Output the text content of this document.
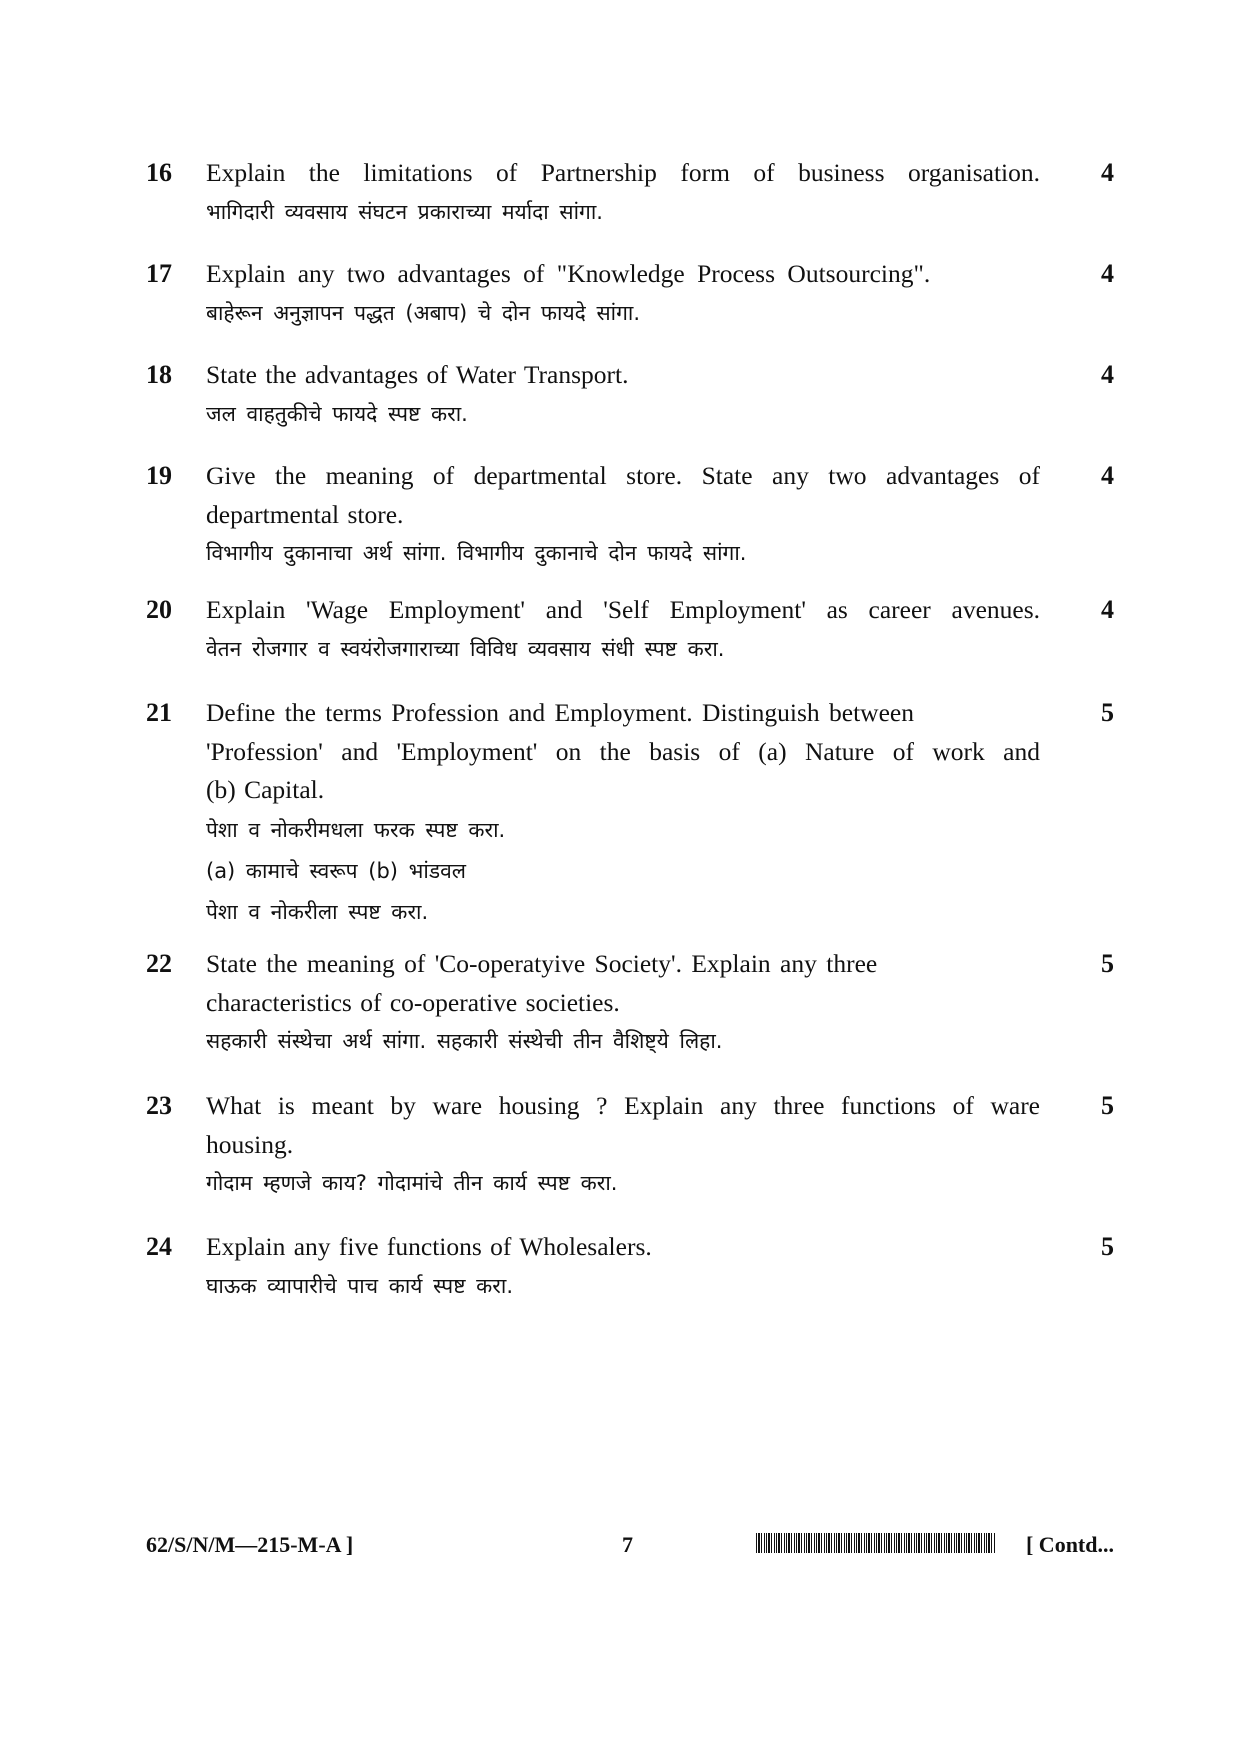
16 Explain the limitations of Partnership form of business organisation.
भागिदारी व्यवसाय संघटन प्रकाराच्या मर्यादा सांगा.
4
17 Explain any two advantages of "Knowledge Process Outsourcing".
बाहेरून अनुज्ञापन पद्धत (अबाप) चे दोन फायदे सांगा.
4
18 State the advantages of Water Transport.
जल वाहतुकीचे फायदे स्पष्ट करा.
4
19 Give the meaning of departmental store. State any two advantages of
departmental store.
विभागीय दुकानाचा अर्थ सांगा. विभागीय दुकानाचे दोन फायदे सांगा.
4
20 Explain 'Wage Employment' and 'Self Employment' as career avenues.
वेतन रोजगार व स्वयंरोजगाराच्या विविध व्यवसाय संधी स्पष्ट करा.
4
21 Define the terms Profession and Employment. Distinguish between
'Profession' and 'Employment' on the basis of (a) Nature of work and
(b) Capital.
पेशा व नोकरीमधला फरक स्पष्ट करा.
(a) कामाचे स्वरूप (b) भांडवल
पेशा व नोकरीला स्पष्ट करा.
5
22 State the meaning of 'Co-operatyive Society'. Explain any three
characteristics of co-operative societies.
सहकारी संस्थेचा अर्थ सांगा. सहकारी संस्थेची तीन वैशिष्ट्ये लिहा.
5
23 What is meant by ware housing ? Explain any three functions of ware
housing.
गोदाम म्हणजे काय? गोदामांचे तीन कार्य स्पष्ट करा.
5
24 Explain any five functions of Wholesalers.
घाऊक व्यापारीचे पाच कार्य स्पष्ट करा.
5
62/S/N/M—215-M-A ]	7	[ Contd...
